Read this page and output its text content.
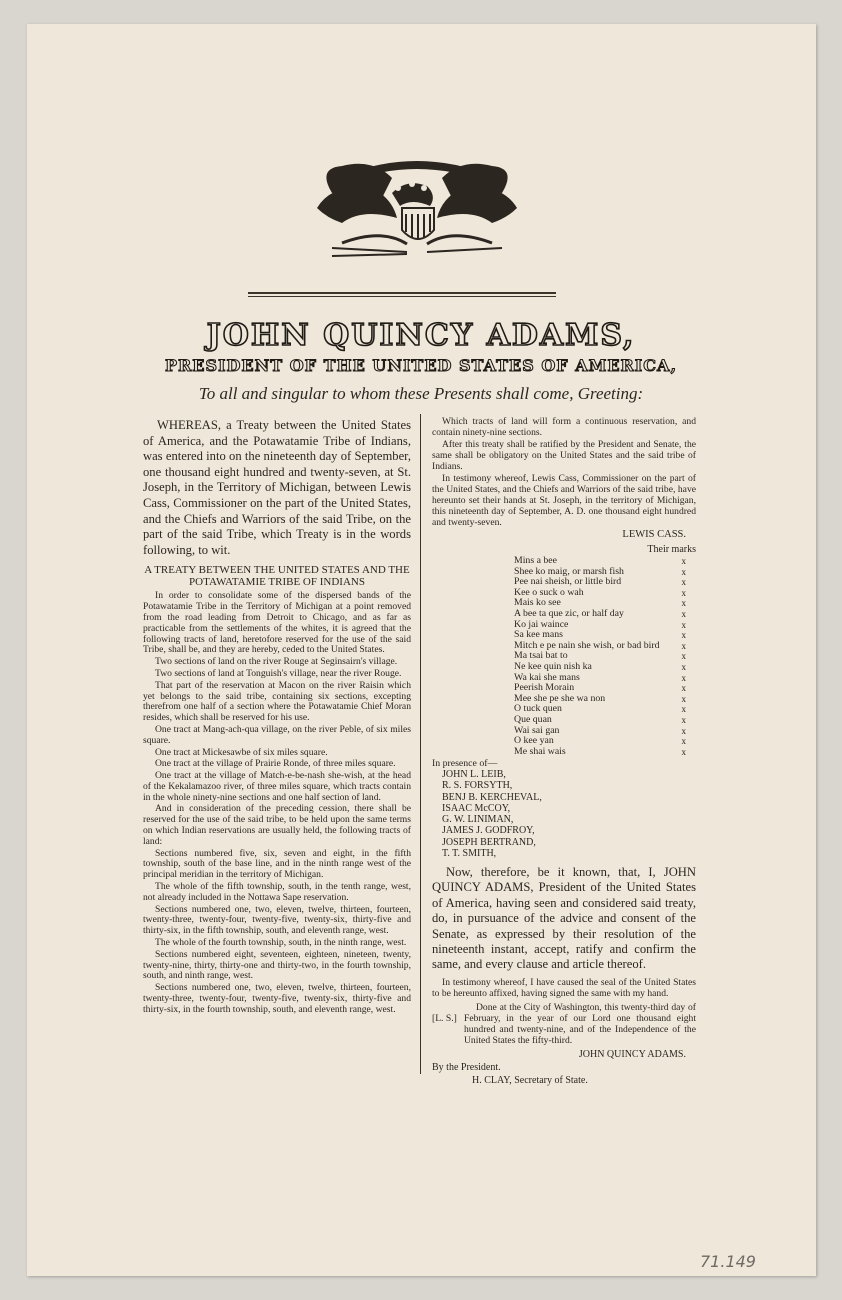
JOHN QUINCY ADAMS,
PRESIDENT OF THE UNITED STATES OF AMERICA,
To all and singular to whom these Presents shall come, Greeting:

WHEREAS, a Treaty between the United States of America, and the Potawatamie Tribe of Indians, was entered into on the nineteenth day of September, one thousand eight hundred and twenty-seven, at St. Joseph, in the Territory of Michigan, between Lewis Cass, Commissioner on the part of the United States, and the Chiefs and Warriors of the said Tribe, on the part of the said Tribe, which Treaty is in the words following, to wit.

A TREATY BETWEEN THE UNITED STATES AND THE POTAWATAMIE TRIBE OF INDIANS

In order to consolidate some of the dispersed bands of the Potawatamie Tribe in the Territory of Michigan at a point removed from the road leading from Detroit to Chicago, and as far as practicable from the settlements of the whites, it is agreed that the following tracts of land, heretofore reserved for the use of the said Tribe, shall be, and they are hereby, ceded to the United States.

Two sections of land on the river Rouge at Seginsairn's village.

Two sections of land at Tonguish's village, near the river Rouge.

That part of the reservation at Macon on the river Raisin which yet belongs to the said tribe, containing six sections, excepting therefrom one half of a section where the Potawatamie Chief Moran resides, which shall be reserved for his use.

One tract at Mang-ach-qua village, on the river Peble, of six miles square.

One tract at Mickesawbe of six miles square.

One tract at the village of Prairie Ronde, of three miles square.

One tract at the village of Match-e-be-nash she-wish, at the head of the Kekalamazoo river, of three miles square, which tracts contain in the whole ninety-nine sections and one half section of land.

And in consideration of the preceding cession, there shall be reserved for the use of the said tribe, to be held upon the same terms on which Indian reservations are usually held, the following tracts of land:

Sections numbered five, six, seven and eight, in the fifth township, south of the base line, and in the ninth range west of the principal meridian in the territory of Michigan.

The whole of the fifth township, south, in the tenth range, west, not already included in the Nottawa Sape reservation.

Sections numbered one, two, eleven, twelve, thirteen, fourteen, twenty-three, twenty-four, twenty-five, twenty-six, thirty-five and thirty-six, in the fifth township, south, and eleventh range, west.

The whole of the fourth township, south, in the ninth range, west.

Sections numbered eight, seventeen, eighteen, nineteen, twenty, twenty-nine, thirty, thirty-one and thirty-two, in the fourth township, south, and ninth range, west.

Sections numbered one, two, eleven, twelve, thirteen, fourteen, twenty-three, twenty-four, twenty-five, twenty-six, thirty-five and thirty-six, in the fourth township, south, and eleventh range, west.

Which tracts of land will form a continuous reservation, and contain ninety-nine sections.

After this treaty shall be ratified by the President and Senate, the same shall be obligatory on the United States and the said tribe of Indians.

In testimony whereof, Lewis Cass, Commissioner on the part of the United States, and the Chiefs and Warriors of the said tribe, have hereunto set their hands at St. Joseph, in the territory of Michigan, this nineteenth day of September, A. D. one thousand eight hundred and twenty-seven.

LEWIS CASS.

Their marks

Mins a bee	x
Shee ko maig, or marsh fish	x
Pee nai sheish, or little bird	x
Kee o suck o wah	x
Mais ko see	x
A bee ta que zic, or half day	x
Ko jai waince	x
Sa kee mans	x
Mitch e pe nain she wish, or bad bird x
Ma tsai bat to	x
Ne kee quin nish ka	x
Wa kai she mans	x
Peerish Morain	x
Mee she pe she wa non	x
O tuck quen	x
Que quan	x
Wai sai gan	x
O kee yan	x
Me shai wais	x

In presence of—

JOHN L. LEIB,
R. S. FORSYTH,
BENJ B. KERCHEVAL,
ISAAC McCOY,
G. W. LINIMAN,
JAMES J. GODFROY,
JOSEPH BERTRAND,
T. T. SMITH,

Now, therefore, be it known, that, I, JOHN QUINCY ADAMS, President of the United States of America, having seen and considered said treaty, do, in pursuance of the advice and consent of the Senate, as expressed by their resolution of the nineteenth instant, accept, ratify and confirm the same, and every clause and article thereof.

In testimony whereof, I have caused the seal of the United States to be hereunto affixed, having signed the same with my hand.

[L. S.]
Done at the City of Washington, this twenty-third day of February, in the year of our Lord one thousand eight hundred and twenty-nine, and of the Independence of the United States the fifty-third.

JOHN QUINCY ADAMS.

By the President.

H. CLAY, Secretary of State.

71.149
